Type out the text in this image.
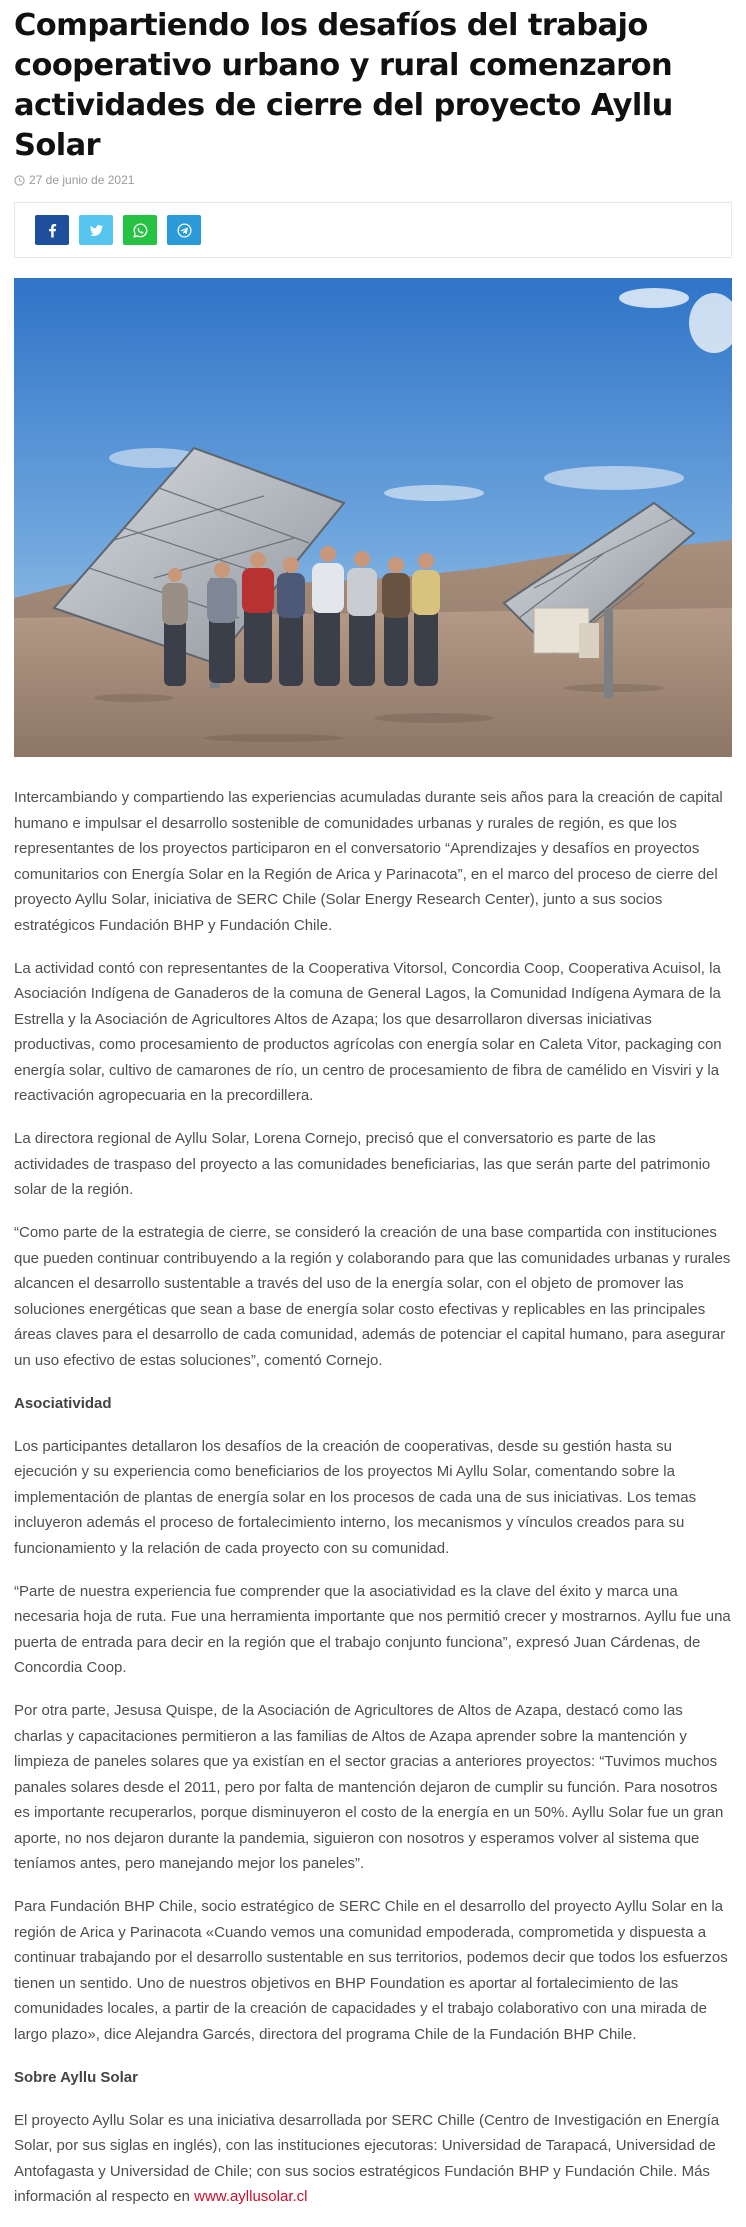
Compartiendo los desafíos del trabajo cooperativo urbano y rural comenzaron actividades de cierre del proyecto Ayllu Solar
27 de junio de 2021

Intercambiando y compartiendo las experiencias acumuladas durante seis años para la creación de capital humano e impulsar el desarrollo sostenible de comunidades urbanas y rurales de región, es que los representantes de los proyectos participaron en el conversatorio “Aprendizajes y desafíos en proyectos comunitarios con Energía Solar en la Región de Arica y Parinacota”, en el marco del proceso de cierre del proyecto Ayllu Solar, iniciativa de SERC Chile (Solar Energy Research Center), junto a sus socios estratégicos Fundación BHP y Fundación Chile.

La actividad contó con representantes de la Cooperativa Vitorsol, Concordia Coop, Cooperativa Acuisol, la Asociación Indígena de Ganaderos de la comuna de General Lagos, la Comunidad Indígena Aymara de la Estrella y la Asociación de Agricultores Altos de Azapa; los que desarrollaron diversas iniciativas productivas, como procesamiento de productos agrícolas con energía solar en Caleta Vitor, packaging con energía solar, cultivo de camarones de río, un centro de procesamiento de fibra de camélido en Visviri y la reactivación agropecuaria en la precordillera.

La directora regional de Ayllu Solar, Lorena Cornejo, precisó que el conversatorio es parte de las actividades de traspaso del proyecto a las comunidades beneficiarias, las que serán parte del patrimonio solar de la región.

“Como parte de la estrategia de cierre, se consideró la creación de una base compartida con instituciones que pueden continuar contribuyendo a la región y colaborando para que las comunidades urbanas y rurales alcancen el desarrollo sustentable a través del uso de la energía solar, con el objeto de promover las soluciones energéticas que sean a base de energía solar costo efectivas y replicables en las principales áreas claves para el desarrollo de cada comunidad, además de potenciar el capital humano, para asegurar un uso efectivo de estas soluciones”, comentó Cornejo.

Asociatividad

Los participantes detallaron los desafíos de la creación de cooperativas, desde su gestión hasta su ejecución y su experiencia como beneficiarios de los proyectos Mi Ayllu Solar, comentando sobre la implementación de plantas de energía solar en los procesos de cada una de sus iniciativas. Los temas incluyeron además el proceso de fortalecimiento interno, los mecanismos y vínculos creados para su funcionamiento y la relación de cada proyecto con su comunidad.

“Parte de nuestra experiencia fue comprender que la asociatividad es la clave del éxito y marca una necesaria hoja de ruta. Fue una herramienta importante que nos permitió crecer y mostrarnos. Ayllu fue una puerta de entrada para decir en la región que el trabajo conjunto funciona”, expresó Juan Cárdenas, de Concordia Coop.

Por otra parte, Jesusa Quispe, de la Asociación de Agricultores de Altos de Azapa, destacó como las charlas y capacitaciones permitieron a las familias de Altos de Azapa aprender sobre la mantención y limpieza de paneles solares que ya existían en el sector gracias a anteriores proyectos: “Tuvimos muchos panales solares desde el 2011, pero por falta de mantención dejaron de cumplir su función. Para nosotros es importante recuperarlos, porque disminuyeron el costo de la energía en un 50%. Ayllu Solar fue un gran aporte, no nos dejaron durante la pandemia, siguieron con nosotros y esperamos volver al sistema que teníamos antes, pero manejando mejor los paneles”.

Para Fundación BHP Chile, socio estratégico de SERC Chile en el desarrollo del proyecto Ayllu Solar en la región de Arica y Parinacota «Cuando vemos una comunidad empoderada, comprometida y dispuesta a continuar trabajando por el desarrollo sustentable en sus territorios, podemos decir que todos los esfuerzos tienen un sentido. Uno de nuestros objetivos en BHP Foundation es aportar al fortalecimiento de las comunidades locales, a partir de la creación de capacidades y el trabajo colaborativo con una mirada de largo plazo», dice Alejandra Garcés, directora del programa Chile de la Fundación BHP Chile.

Sobre Ayllu Solar

El proyecto Ayllu Solar es una iniciativa desarrollada por SERC Chille (Centro de Investigación en Energía Solar, por sus siglas en inglés), con las instituciones ejecutoras: Universidad de Tarapacá, Universidad de Antofagasta y Universidad de Chile; con sus socios estratégicos Fundación BHP y Fundación Chile. Más información al respecto en www.ayllusolar.cl
